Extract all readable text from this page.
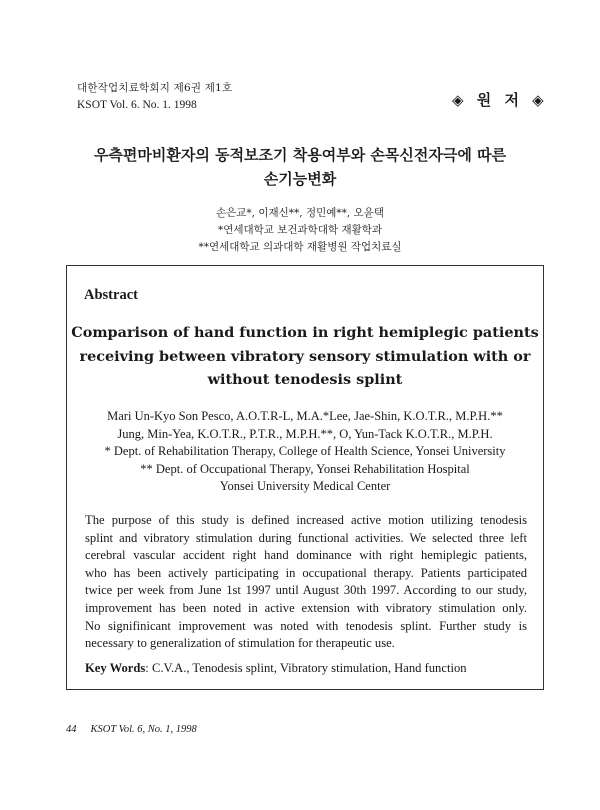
대한작업치료학회지 제6권 제1호
KSOT Vol. 6. No. 1. 1998	◈ 원 저 ◈
우측편마비환자의 동적보조기 착용여부와 손목신전자극에 따른
손기능변화
손은교*, 이재신**, 정민예**, 오윤택
*연세대학교 보건과학대학 재활학과
**연세대학교 의과대학 재활병원 작업치료실
Abstract
Comparison of hand function in right hemiplegic patients
receiving between vibratory sensory stimulation with or
without tenodesis splint
Mari Un-Kyo Son Pesco, A.O.T.R-L, M.A.*Lee, Jae-Shin, K.O.T.R., M.P.H.**
Jung, Min-Yea, K.O.T.R., P.T.R., M.P.H.**, O, Yun-Tack K.O.T.R., M.P.H.
* Dept. of Rehabilitation Therapy, College of Health Science, Yonsei University
** Dept. of Occupational Therapy, Yonsei Rehabilitation Hospital
Yonsei University Medical Center
The purpose of this study is defined increased active motion utilizing tenodesis
splint and vibratory stimulation during functional activities. We selected three left
cerebral vascular accident right hand dominance with right hemiplegic patients,
who has been actively participating in occupational therapy. Patients participated
twice per week from June 1st 1997 until August 30th 1997. According to our study,
improvement has been noted in active extension with vibratory stimulation only.
No signifinicant improvement was noted with tenodesis splint. Further study is
necessary to generalization of stimulation for therapeutic use.
Key Words: C.V.A., Tenodesis splint, Vibratory stimulation, Hand function
44 KSOT Vol. 6, No. 1, 1998
